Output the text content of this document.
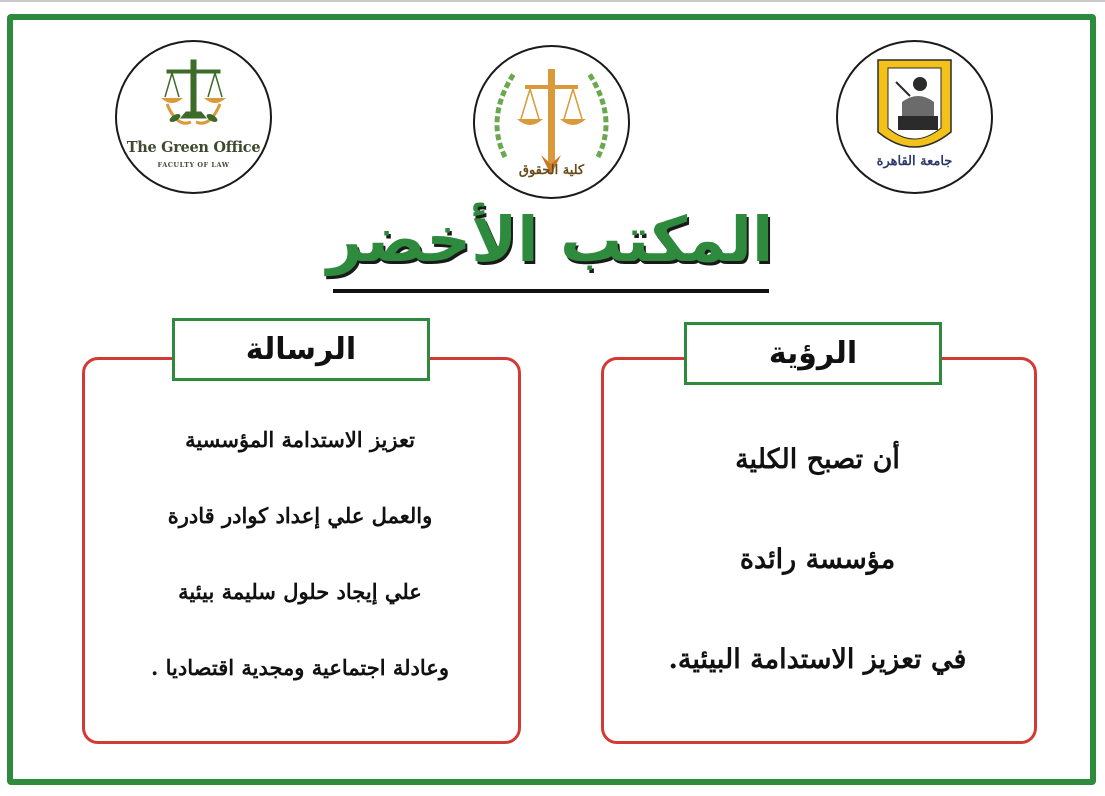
The Green Office
FACULTY OF LAW	كلية الحقوق
جامعة القاهرة
المكتب الأخضر
الرسالة
تعزيز الاستدامة المؤسسية
والعمل علي إعداد كوادر قادرة
علي إيجاد حلول سليمة بيئية
وعادلة اجتماعية ومجدية اقتصاديا .
الرؤية
أن تصبح الكلية
مؤسسة رائدة
في تعزيز الاستدامة البيئية.
